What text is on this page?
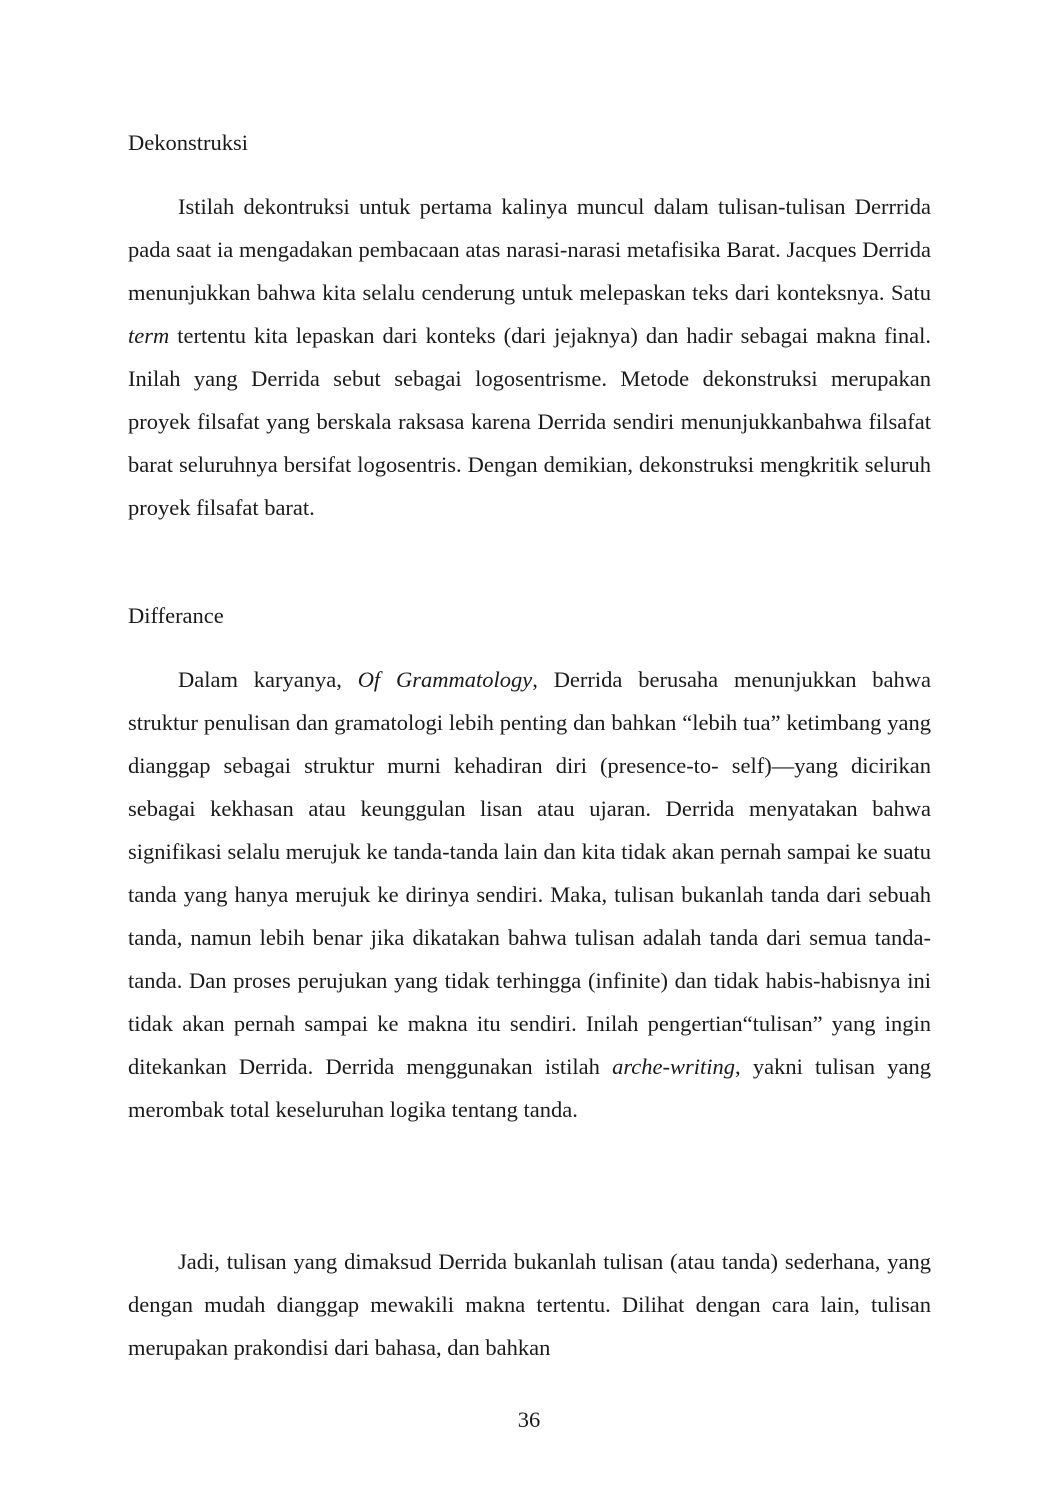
Dekonstruksi

Istilah dekontruksi untuk pertama kalinya muncul dalam tulisan-tulisan Derrrida pada saat ia mengadakan pembacaan atas narasi-narasi metafisika Barat. Jacques Derrida menunjukkan bahwa kita selalu cenderung untuk melepaskan teks dari konteksnya. Satu term tertentu kita lepaskan dari konteks (dari jejaknya) dan hadir sebagai makna final. Inilah yang Derrida sebut sebagai logosentrisme. Metode dekonstruksi merupakan proyek filsafat yang berskala raksasa karena Derrida sendiri menunjukkanbahwa filsafat barat seluruhnya bersifat logosentris. Dengan demikian, dekonstruksi mengkritik seluruh proyek filsafat barat.

Differance

Dalam karyanya, Of Grammatology, Derrida berusaha menunjukkan bahwa struktur penulisan dan gramatologi lebih penting dan bahkan “lebih tua” ketimbang yang dianggap sebagai struktur murni kehadiran diri (presence-to- self)—yang dicirikan sebagai kekhasan atau keunggulan lisan atau ujaran. Derrida menyatakan bahwa signifikasi selalu merujuk ke tanda-tanda lain dan kita tidak akan pernah sampai ke suatu tanda yang hanya merujuk ke dirinya sendiri. Maka, tulisan bukanlah tanda dari sebuah tanda, namun lebih benar jika dikatakan bahwa tulisan adalah tanda dari semua tanda-tanda. Dan proses perujukan yang tidak terhingga (infinite) dan tidak habis-habisnya ini tidak akan pernah sampai ke makna itu sendiri. Inilah pengertian“tulisan” yang ingin ditekankan Derrida. Derrida menggunakan istilah arche-writing, yakni tulisan yang merombak total keseluruhan logika tentang tanda.

Jadi, tulisan yang dimaksud Derrida bukanlah tulisan (atau tanda) sederhana, yang dengan mudah dianggap mewakili makna tertentu. Dilihat dengan cara lain, tulisan merupakan prakondisi dari bahasa, dan bahkan

36
